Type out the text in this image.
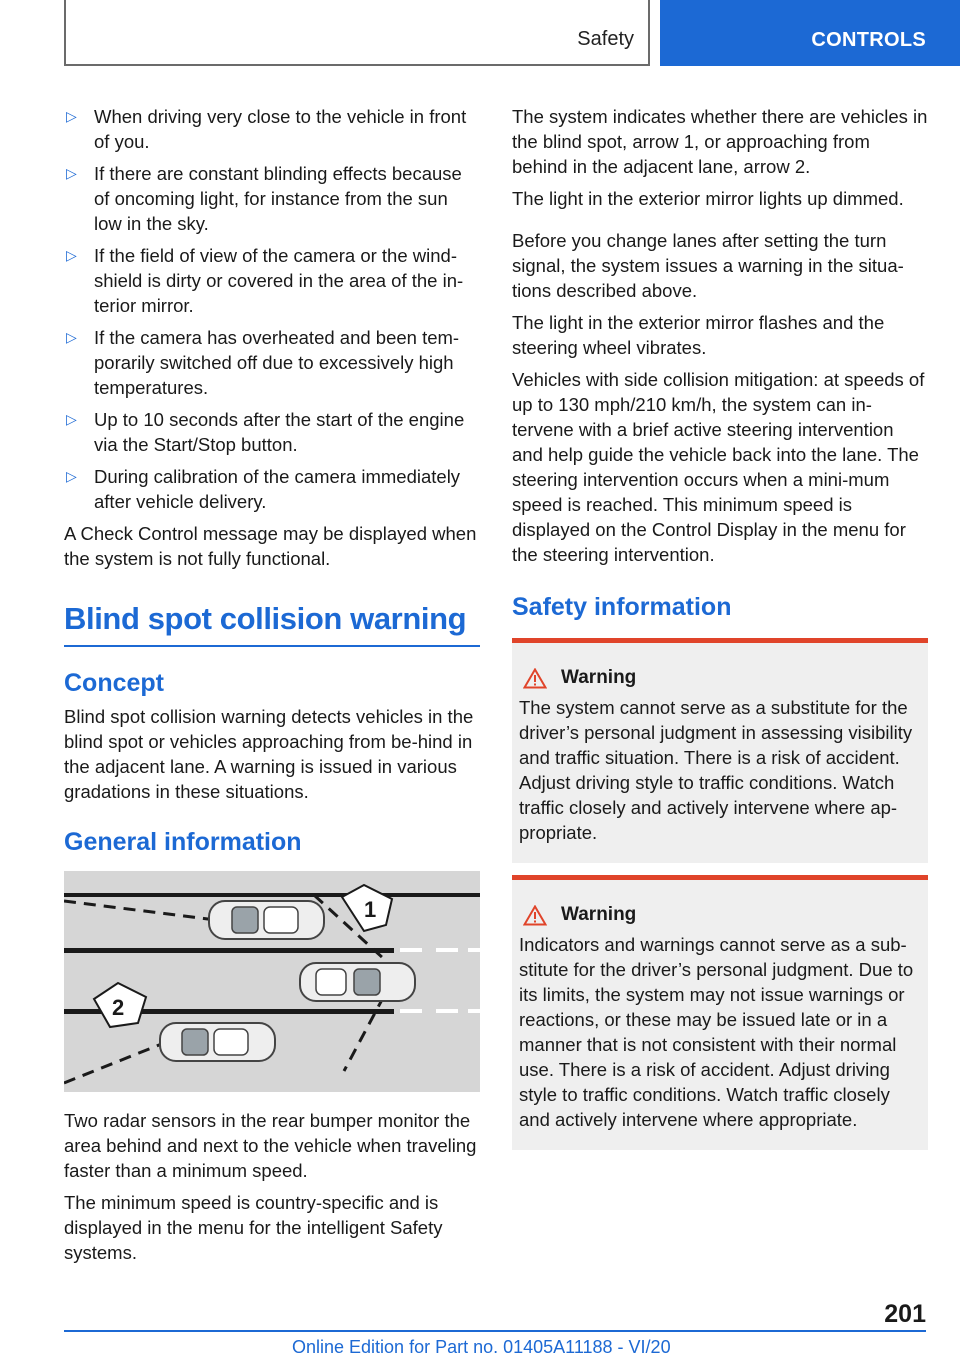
Safety	CONTROLS
▷ When driving very close to the vehicle in front of you.
▷ If there are constant blinding effects because of oncoming light, for instance from the sun low in the sky.
▷ If the field of view of the camera or the wind‐shield is dirty or covered in the area of the in‐terior mirror.
▷ If the camera has overheated and been tem‐porarily switched off due to excessively high temperatures.
▷ Up to 10 seconds after the start of the engine via the Start/Stop button.
▷ During calibration of the camera immediately after vehicle delivery.

A Check Control message may be displayed when the system is not fully functional.

Blind spot collision warning
Concept

Blind spot collision warning detects vehicles in the blind spot or vehicles approaching from be‐hind in the adjacent lane. A warning is issued in various gradations in these situations.

General information
1
2

Two radar sensors in the rear bumper monitor the area behind and next to the vehicle when traveling faster than a minimum speed.

The minimum speed is country-specific and is displayed in the menu for the intelligent Safety systems.

The system indicates whether there are vehicles in the blind spot, arrow 1, or approaching from behind in the adjacent lane, arrow 2.

The light in the exterior mirror lights up dimmed.

Before you change lanes after setting the turn signal, the system issues a warning in the situa‐tions described above.

The light in the exterior mirror flashes and the steering wheel vibrates.

Vehicles with side collision mitigation: at speeds of up to 130 mph/210 km/h, the system can in‐tervene with a brief active steering intervention and help guide the vehicle back into the lane. The steering intervention occurs when a mini‐mum speed is reached. This minimum speed is displayed on the Control Display in the menu for the steering intervention.

Safety information
Warning

The system cannot serve as a substitute for the driver’s personal judgment in assessing visibility and traffic situation. There is a risk of accident. Adjust driving style to traffic conditions. Watch traffic closely and actively intervene where ap‐propriate.

Warning

Indicators and warnings cannot serve as a sub‐stitute for the driver’s personal judgment. Due to its limits, the system may not issue warnings or reactions, or these may be issued late or in a manner that is not consistent with their normal use. There is a risk of accident. Adjust driving style to traffic conditions. Watch traffic closely and actively intervene where appropriate.

201
Online Edition for Part no. 01405A11188 - VI/20
